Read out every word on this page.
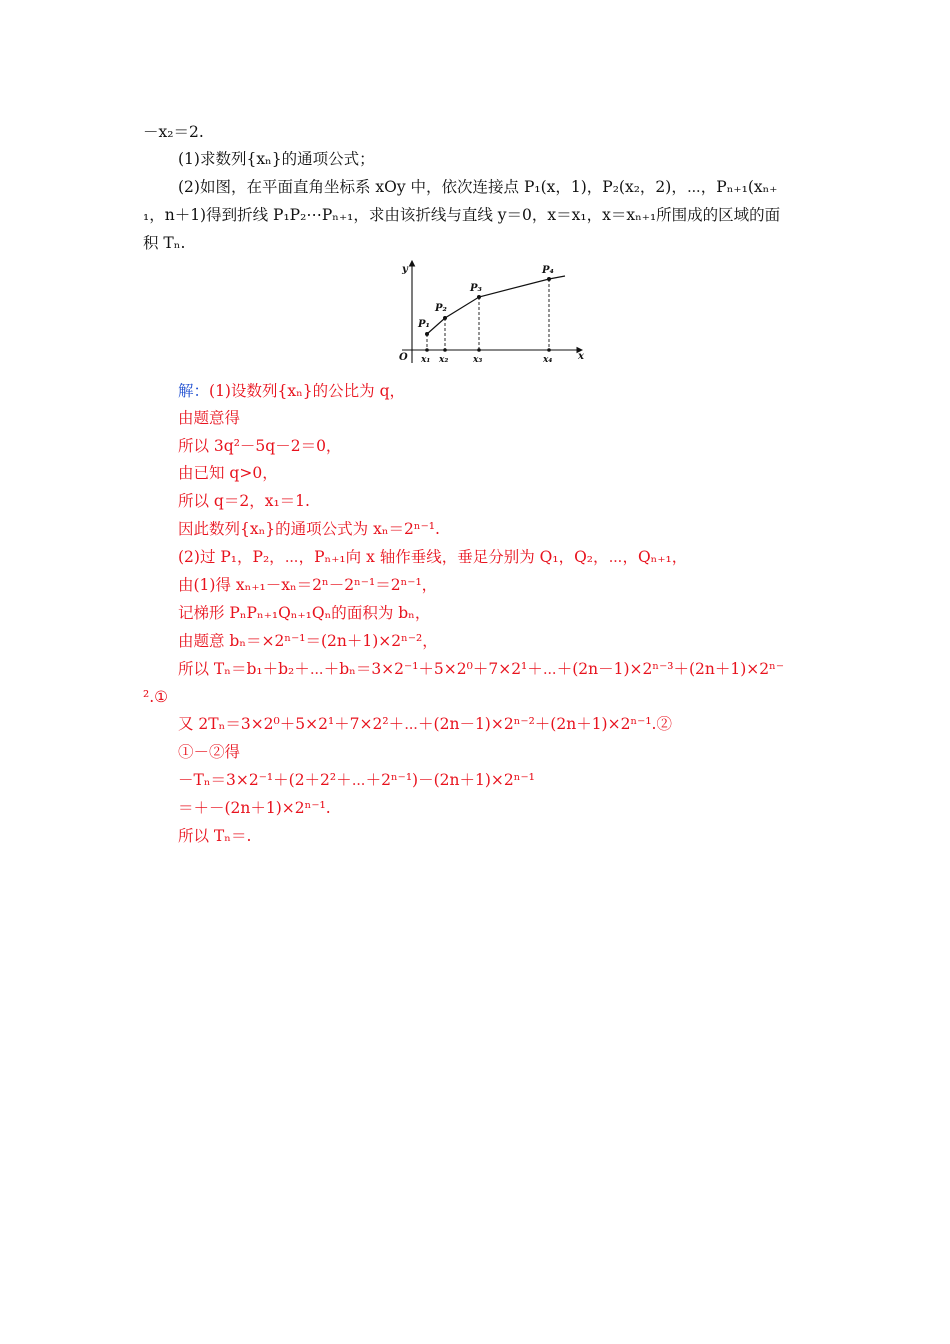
－x₂＝2.
(1)求数列{xₙ}的通项公式；
(2)如图，在平面直角坐标系 xOy 中，依次连接点 P₁(x，1)，P₂(x₂，2)，⋯，Pₙ₊₁(xₙ₊
₁，n＋1)得到折线 P₁P₂⋯Pₙ₊₁，求由该折线与直线 y＝0，x＝x₁，x＝xₙ₊₁所围成的区域的面
积 Tₙ.
y
x
O
P₁
P₂
P₃
P₄
x₁ x₂	x₃	x₄
解：(1)设数列{xₙ}的公比为 q，
由题意得
所以 3q²－5q－2＝0，
由已知 q>0，
所以 q＝2，x₁＝1.
因此数列{xₙ}的通项公式为 xₙ＝2ⁿ⁻¹.
(2)过 P₁，P₂，⋯，Pₙ₊₁向 x 轴作垂线，垂足分别为 Q₁，Q₂，⋯，Qₙ₊₁，
由(1)得 xₙ₊₁－xₙ＝2ⁿ－2ⁿ⁻¹＝2ⁿ⁻¹，
记梯形 PₙPₙ₊₁Qₙ₊₁Qₙ的面积为 bₙ，
由题意 bₙ＝×2ⁿ⁻¹＝(2n＋1)×2ⁿ⁻²，
所以 Tₙ＝b₁＋b₂＋⋯＋bₙ＝3×2⁻¹＋5×2⁰＋7×2¹＋⋯＋(2n－1)×2ⁿ⁻³＋(2n＋1)×2ⁿ⁻
².①
又 2Tₙ＝3×2⁰＋5×2¹＋7×2²＋⋯＋(2n－1)×2ⁿ⁻²＋(2n＋1)×2ⁿ⁻¹.②
①－②得
－Tₙ＝3×2⁻¹＋(2＋2²＋⋯＋2ⁿ⁻¹)－(2n＋1)×2ⁿ⁻¹
＝＋－(2n＋1)×2ⁿ⁻¹.
所以 Tₙ＝.
